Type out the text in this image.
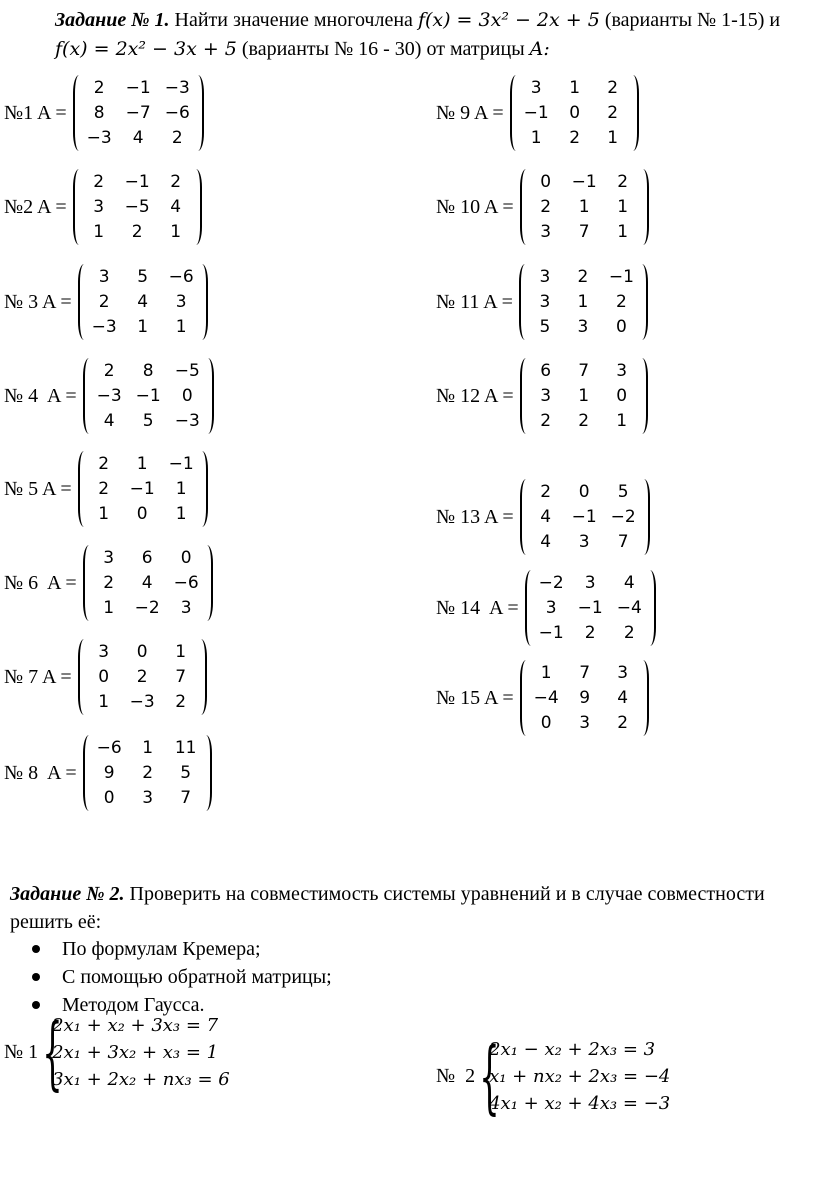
Задание № 1. Найти значение многочлена f(x) = 3x² − 2x + 5 (варианты № 1-15) и f(x) = 2x² − 3x + 5 (варианты № 16 - 30) от матрицы A:
№1 A =
2	−1 −3
8	−7 −6
−3	4	2
№2 A =
2	−1	2
3	−5	4
1	2	1
№ 3 A =
3	5	−6
2	4	3
−3	1	1
№ 4  A =
2	8	−5
−3 −1	0
4	5	−3
№ 5 A =
2	1	−1
2	−1	1
1	0	1
№ 6  A =
3	6	0
2	4	−6
1	−2	3
№ 7 A =
3	0	1
0	2	7
1	−3	2
№ 8  A =
−6	1	11
9	2	5
0	3	7
№ 9 A =
3	1	2
−1	0	2
1	2	1
№ 10 A =
0	−1	2
2	1	1
3	7	1
№ 11 A =
3	2	−1
3	1	2
5	3	0
№ 12 A =
6	7	3
3	1	0
2	2	1
№ 13 A =
2	0	5
4	−1 −2
4	3	7
№ 14  A =
−2	3	4
3	−1 −4
−1	2	2
№ 15 A =
1	7	3
−4	9	4
0	3	2

Задание № 2. Проверить на совместимость системы уравнений и в случае совместности решить её:

По формулам Кремера;
С помощью обратной матрицы;
Методом Гаусса.
№ 1 {
2x₁ + x₂ + 3x₃ = 7
2x₁ + 3x₂ + x₃ = 1
3x₁ + 2x₂ + nx₃ = 6	№  2 {
2x₁ − x₂ + 2x₃ = 3
x₁ + nx₂ + 2x₃ = −4
4x₁ + x₂ + 4x₃ = −3
